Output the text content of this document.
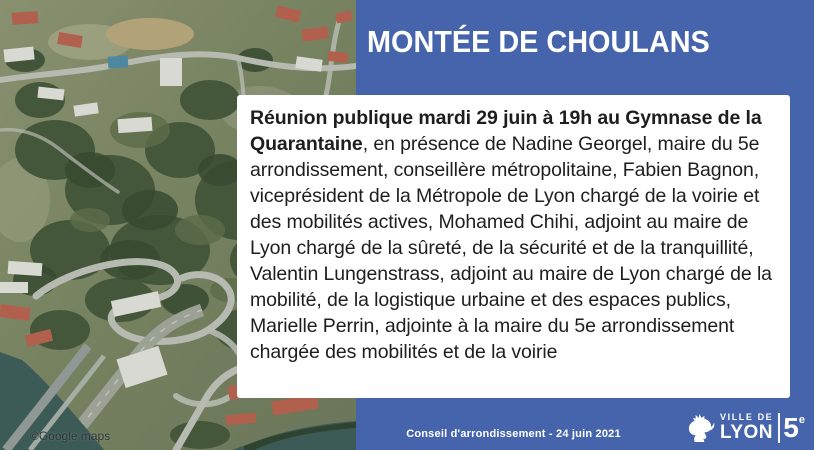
©Google maps
MONTÉE DE CHOULANS

Réunion publique mardi 29 juin à 19h au Gymnase de la Quarantaine, en présence de Nadine Georgel, maire du 5e arrondissement, conseillère métropolitaine, Fabien Bagnon, viceprésident de la Métropole de Lyon chargé de la voirie et des mobilités actives, Mohamed Chihi, adjoint au maire de Lyon chargé de la sûreté, de la sécurité et de la tranquillité, Valentin Lungenstrass, adjoint au maire de Lyon chargé de la mobilité, de la logistique urbaine et des espaces publics, Marielle Perrin, adjointe à la maire du 5e arrondissement chargée des mobilités et de la voirie

Conseil d'arrondissement - 24 juin 2021
VILLE DE
LYON 5e
